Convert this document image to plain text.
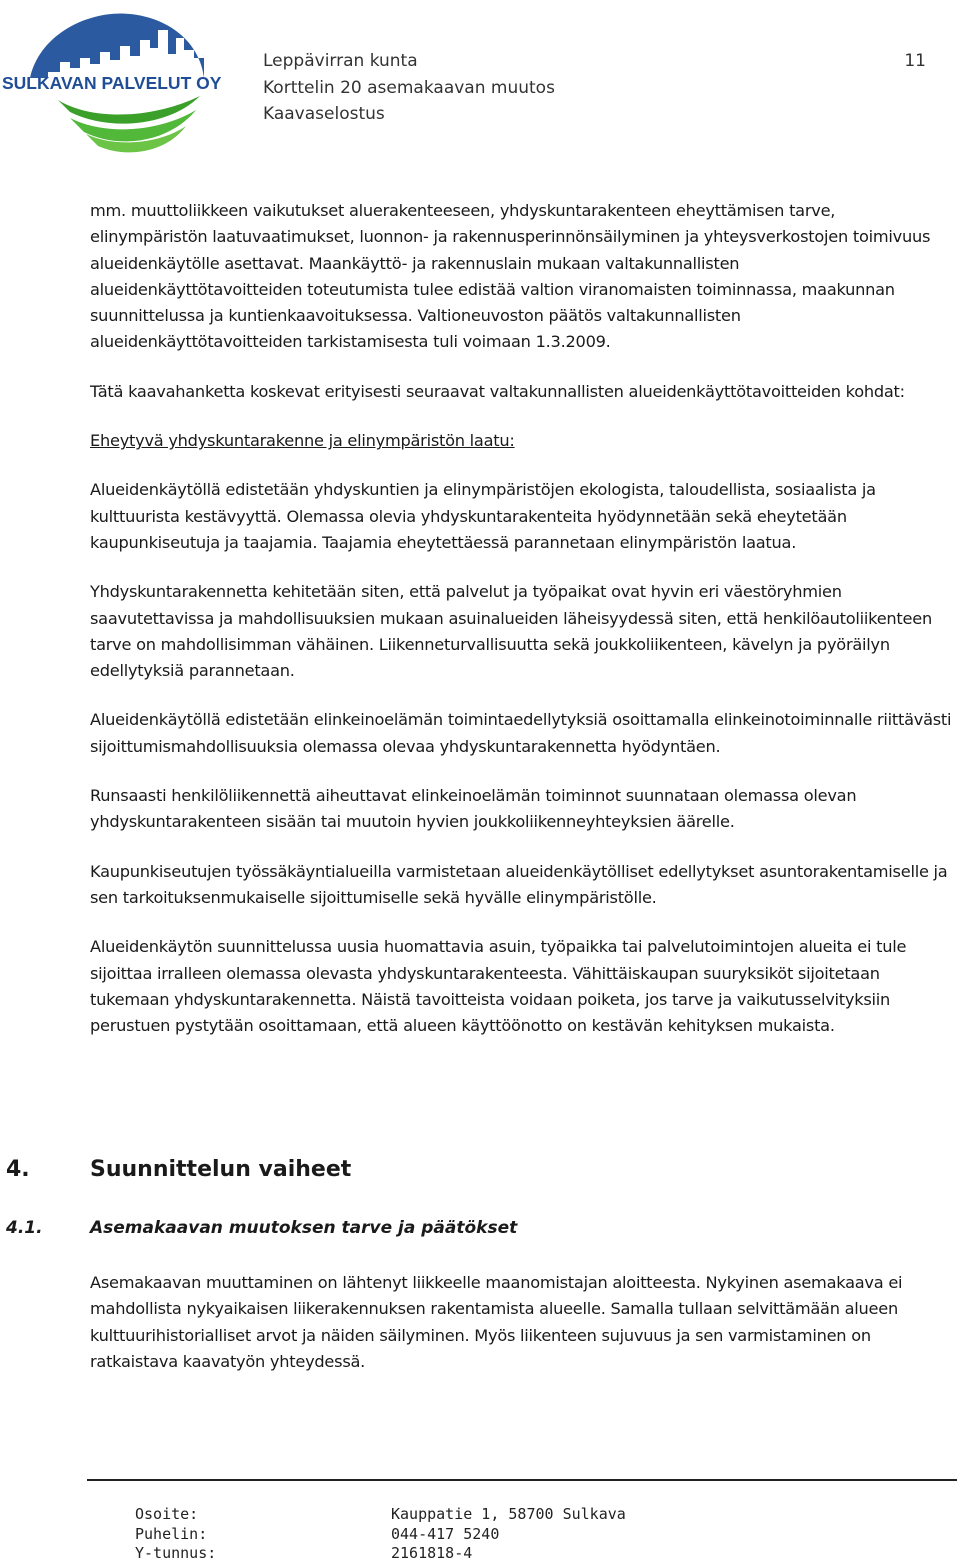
SULKAVAN PALVELUT OY
Leppävirran kunta
Korttelin 20 asemakaavan muutos
Kaavaselostus
11

mm. muuttoliikkeen vaikutukset aluerakenteeseen, yhdyskuntarakenteen eheyttämisen tarve, elinympäristön laatuvaatimukset, luonnon- ja rakennusperinnönsäilyminen ja yhteysverkostojen toimivuus alueidenkäytölle asettavat. Maankäyttö- ja rakennuslain mukaan valtakunnallisten alueidenkäyttötavoitteiden toteutumista tulee edistää valtion viranomaisten toiminnassa, maakunnan suunnittelussa ja kuntienkaavoituksessa. Valtioneuvoston päätös valtakunnallisten alueidenkäyttötavoitteiden tarkistamisesta tuli voimaan 1.3.2009.

Tätä kaavahanketta koskevat erityisesti seuraavat valtakunnallisten alueidenkäyttötavoitteiden kohdat:

Eheytyvä yhdyskuntarakenne ja elinympäristön laatu:

Alueidenkäytöllä edistetään yhdyskuntien ja elinympäristöjen ekologista, taloudellista, sosiaalista ja kulttuurista kestävyyttä. Olemassa olevia yhdyskuntarakenteita hyödynnetään sekä eheytetään kaupunkiseutuja ja taajamia. Taajamia eheytettäessä parannetaan elinympäristön laatua.

Yhdyskuntarakennetta kehitetään siten, että palvelut ja työpaikat ovat hyvin eri väestöryhmien saavutettavissa ja mahdollisuuksien mukaan asuinalueiden läheisyydessä siten, että henkilöautoliikenteen tarve on mahdollisimman vähäinen. Liikenneturvallisuutta sekä joukkoliikenteen, kävelyn ja pyöräilyn edellytyksiä parannetaan.

Alueidenkäytöllä edistetään elinkeinoelämän toimintaedellytyksiä osoittamalla elinkeinotoiminnalle riittävästi sijoittumismahdollisuuksia olemassa olevaa yhdyskuntarakennetta hyödyntäen.

Runsaasti henkilöliikennettä aiheuttavat elinkeinoelämän toiminnot suunnataan olemassa olevan yhdyskuntarakenteen sisään tai muutoin hyvien joukkoliikenneyhteyksien äärelle.

Kaupunkiseutujen työssäkäyntialueilla varmistetaan alueidenkäytölliset edellytykset asuntorakentamiselle ja sen tarkoituksenmukaiselle sijoittumiselle sekä hyvälle elinympäristölle.

Alueidenkäytön suunnittelussa uusia huomattavia asuin, työpaikka tai palvelutoimintojen alueita ei tule sijoittaa irralleen olemassa olevasta yhdyskuntarakenteesta. Vähittäiskaupan suuryksiköt sijoitetaan tukemaan yhdyskuntarakennetta. Näistä tavoitteista voidaan poiketa, jos tarve ja vaikutusselvityksiin perustuen pystytään osoittamaan, että alueen käyttöönotto on kestävän kehityksen mukaista.

4.	Suunnittelun vaiheet
4.1.	Asemakaavan muutoksen tarve ja päätökset

Asemakaavan muuttaminen on lähtenyt liikkeelle maanomistajan aloitteesta. Nykyinen asemakaava ei mahdollista nykyaikaisen liikerakennuksen rakentamista alueelle. Samalla tullaan selvittämään alueen kulttuurihistorialliset arvot ja näiden säilyminen. Myös liikenteen sujuvuus ja sen varmistaminen on ratkaistava kaavatyön yhteydessä.

Osoite:	Kauppatie 1, 58700 Sulkava
Puhelin:	044-417 5240
Y-tunnus:	2161818-4
